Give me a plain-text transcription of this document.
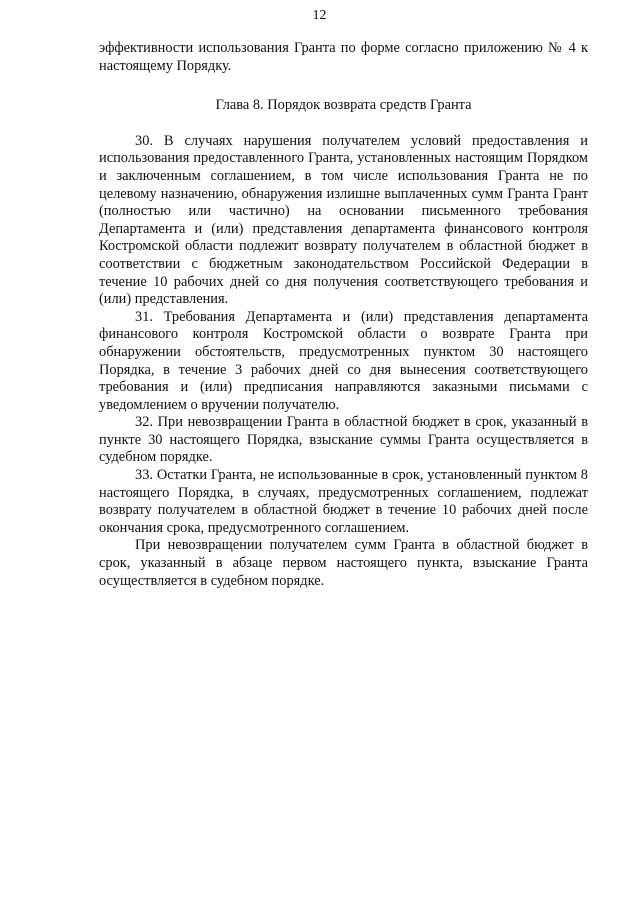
12

эффективности использования Гранта по форме согласно приложению № 4 к настоящему Порядку.

Глава 8. Порядок возврата средств Гранта

30. В случаях нарушения получателем условий предоставления и использования предоставленного Гранта, установленных настоящим Порядком и заключенным соглашением, в том числе использования Гранта не по целевому назначению, обнаружения излишне выплаченных сумм Гранта Грант (полностью или частично) на основании письменного требования Департамента и (или) представления департамента финансового контроля Костромской области подлежит возврату получателем в областной бюджет в соответствии с бюджетным законодательством Российской Федерации в течение 10 рабочих дней со дня получения соответствующего требования и (или) представления.

31. Требования Департамента и (или) представления департамента финансового контроля Костромской области о возврате Гранта при обнаружении обстоятельств, предусмотренных пунктом 30 настоящего Порядка, в течение 3 рабочих дней со дня вынесения соответствующего требования и (или) предписания направляются заказными письмами с уведомлением о вручении получателю.

32. При невозвращении Гранта в областной бюджет в срок, указанный в пункте 30 настоящего Порядка, взыскание суммы Гранта осуществляется в судебном порядке.

33. Остатки Гранта, не использованные в срок, установленный пунктом 8 настоящего Порядка, в случаях, предусмотренных соглашением, подлежат возврату получателем в областной бюджет в течение 10 рабочих дней после окончания срока, предусмотренного соглашением.

При невозвращении получателем сумм Гранта в областной бюджет в срок, указанный в абзаце первом настоящего пункта, взыскание Гранта осуществляется в судебном порядке.
